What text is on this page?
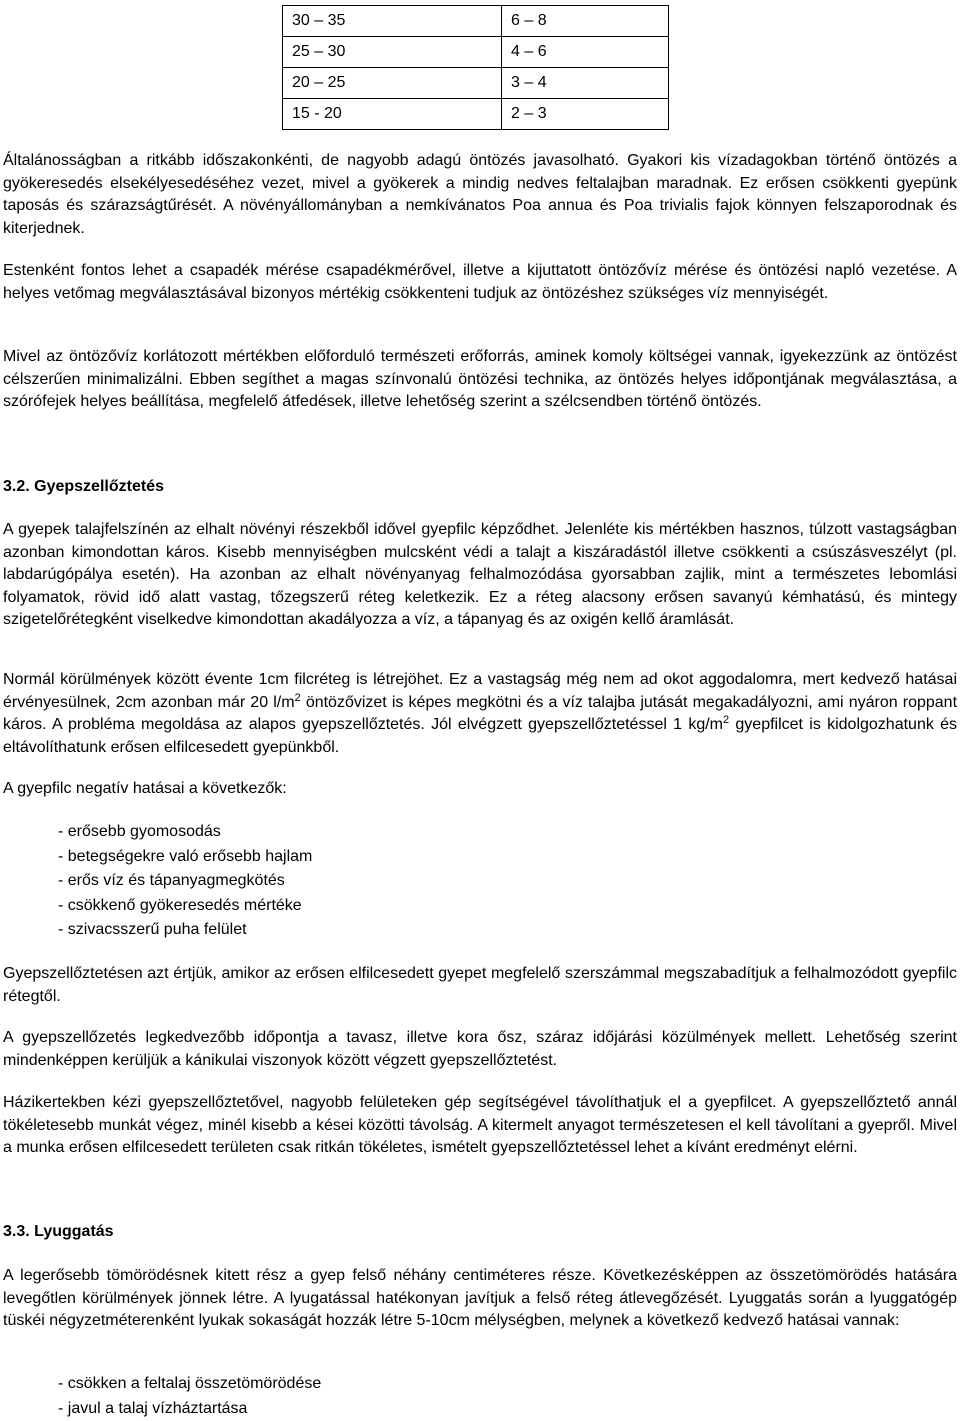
30 – 35	6 – 8
25 – 30	4 – 6
20 – 25	3 – 4
15 - 20	2 – 3

Általánosságban a ritkább időszakonkénti, de nagyobb adagú öntözés javasolható. Gyakori kis vízadagokban történő öntözés a gyökeresedés elsekélyesedéséhez vezet, mivel a gyökerek a mindig nedves feltalajban maradnak. Ez erősen csökkenti gyepünk taposás és szárazságtűrését. A növényállományban a nemkívánatos Poa annua és Poa trivialis fajok könnyen felszaporodnak és kiterjednek.

Estenként fontos lehet a csapadék mérése csapadékmérővel, illetve a kijuttatott öntözővíz mérése és öntözési napló vezetése. A helyes vetőmag megválasztásával bizonyos mértékig csökkenteni tudjuk az öntözéshez szükséges víz mennyiségét.

Mivel az öntözővíz korlátozott mértékben előforduló természeti erőforrás, aminek komoly költségei vannak, igyekezzünk az öntözést célszerűen minimalizálni. Ebben segíthet a magas színvonalú öntözési technika, az öntözés helyes időpontjának megválasztása, a szórófejek helyes beállítása, megfelelő átfedések, illetve lehetőség szerint a szélcsendben történő öntözés.

3.2. Gyepszellőztetés

A gyepek talajfelszínén az elhalt növényi részekből idővel gyepfilc képződhet. Jelenléte kis mértékben hasznos, túlzott vastagságban azonban kimondottan káros. Kisebb mennyiségben mulcsként védi a talajt a kiszáradástól illetve csökkenti a csúszásveszélyt (pl. labdarúgópálya esetén). Ha azonban az elhalt növényanyag felhalmozódása gyorsabban zajlik, mint a természetes lebomlási folyamatok, rövid idő alatt vastag, tőzegszerű réteg keletkezik. Ez a réteg alacsony erősen savanyú kémhatású, és mintegy szigetelőrétegként viselkedve kimondottan akadályozza a víz, a tápanyag és az oxigén kellő áramlását.

Normál körülmények között évente 1cm filcréteg is létrejöhet. Ez a vastagság még nem ad okot aggodalomra, mert kedvező hatásai érvényesülnek, 2cm azonban már 20 $l/m^2$ öntözővizet is képes megkötni és a víz talajba jutását megakadályozni, ami nyáron roppant káros. A probléma megoldása az alapos gyepszellőztetés. Jól elvégzett gyepszellőztetéssel 1 $kg/m^2$ gyepfilcet is kidolgozhatunk és eltávolíthatunk erősen elfilcesedett gyepünkből.

A gyepfilc negatív hatásai a következők:

- erősebb gyomosodás
- betegségekre való erősebb hajlam
- erős víz és tápanyagmegkötés
- csökkenő gyökeresedés mértéke
- szivacsszerű puha felület

Gyepszellőztetésen azt értjük, amikor az erősen elfilcesedett gyepet megfelelő szerszámmal megszabadítjuk a felhalmozódott gyepfilc rétegtől.

A gyepszellőzetés legkedvezőbb időpontja a tavasz, illetve kora ősz, száraz időjárási közülmények mellett. Lehetőség szerint mindenképpen kerüljük a kánikulai viszonyok között végzett gyepszellőztetést.

Házikertekben kézi gyepszellőztetővel, nagyobb felületeken gép segítségével távolíthatjuk el a gyepfilcet. A gyepszellőztető annál tökéletesebb munkát végez, minél kisebb a kései közötti távolság. A kitermelt anyagot természetesen el kell távolítani a gyepről. Mivel a munka erősen elfilcesedett területen csak ritkán tökéletes, ismételt gyepszellőztetéssel lehet a kívánt eredményt elérni.

3.3. Lyuggatás

A legerősebb tömörödésnek kitett rész a gyep felső néhány centiméteres része. Következésképpen az összetömörödés hatására levegőtlen körülmények jönnek létre. A lyugatással hatékonyan javítjuk a felső réteg átlevegőzését. Lyuggatás során a lyuggatógép tüskéi négyzetméterenként lyukak sokaságát hozzák létre 5-10cm mélységben, melynek a következő kedvező hatásai vannak:

- csökken a feltalaj összetömörödése
- javul a talaj vízháztartása
